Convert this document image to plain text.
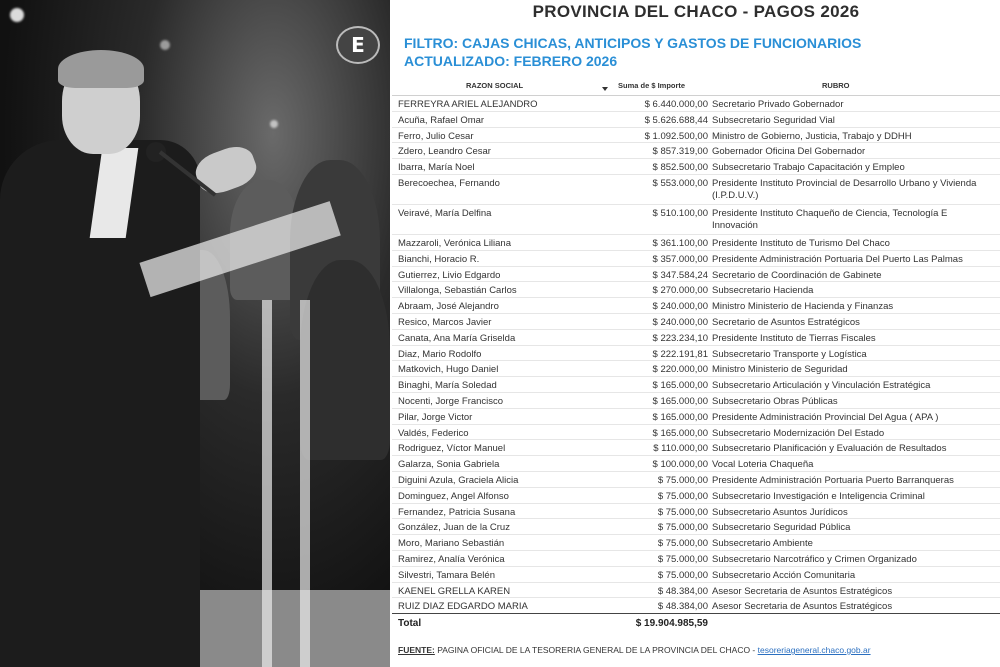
E
PROVINCIA DEL CHACO - PAGOS 2026
FILTRO: CAJAS CHICAS, ANTICIPOS Y GASTOS DE FUNCIONARIOS
ACTUALIZADO: FEBRERO 2026
RAZON SOCIAL	Suma de $ Importe	RUBRO
FERREYRA ARIEL ALEJANDRO	$ 6.440.000,00 Secretario Privado Gobernador
Acuña, Rafael Omar	$ 5.626.688,44 Subsecretario Seguridad Vial
Ferro, Julio Cesar	$ 1.092.500,00 Ministro de Gobierno, Justicia, Trabajo y DDHH
Zdero, Leandro Cesar	$ 857.319,00 Gobernador Oficina Del Gobernador
Ibarra, María Noel	$ 852.500,00 Subsecretario Trabajo Capacitación y Empleo
Berecoechea, Fernando	$ 553.000,00 Presidente Instituto Provincial de Desarrollo Urbano y Vivienda (I.P.D.U.V.)
Veiravé, María Delfina	$ 510.100,00 Presidente Instituto Chaqueño de Ciencia, Tecnología E Innovación
Mazzaroli, Verónica Liliana	$ 361.100,00 Presidente Instituto de Turismo Del Chaco
Bianchi, Horacio R.	$ 357.000,00 Presidente Administración Portuaria Del Puerto Las Palmas
Gutierrez, Livio Edgardo	$ 347.584,24 Secretario de Coordinación de Gabinete
Villalonga, Sebastián Carlos	$ 270.000,00 Subsecretario Hacienda
Abraam, José Alejandro	$ 240.000,00 Ministro Ministerio de Hacienda y Finanzas
Resico, Marcos Javier	$ 240.000,00 Secretario de Asuntos Estratégicos
Canata, Ana María Griselda	$ 223.234,10 Presidente Instituto de Tierras Fiscales
Diaz, Mario Rodolfo	$ 222.191,81 Subsecretario Transporte y Logística
Matkovich, Hugo Daniel	$ 220.000,00 Ministro Ministerio de Seguridad
Binaghi, María Soledad	$ 165.000,00 Subsecretario Articulación y Vinculación Estratégica
Nocenti, Jorge Francisco	$ 165.000,00 Subsecretario Obras Públicas
Pilar, Jorge Victor	$ 165.000,00 Presidente Administración Provincial Del Agua ( APA )
Valdés, Federico	$ 165.000,00 Subsecretario Modernización Del Estado
Rodriguez, Víctor Manuel	$ 110.000,00 Subsecretario Planificación y Evaluación de Resultados
Galarza, Sonia Gabriela	$ 100.000,00 Vocal Loteria Chaqueña
Diguini Azula, Graciela Alicia	$ 75.000,00 Presidente Administración Portuaria Puerto Barranqueras
Dominguez, Angel Alfonso	$ 75.000,00 Subsecretario Investigación e Inteligencia Criminal
Fernandez, Patricia Susana	$ 75.000,00 Subsecretario Asuntos Jurídicos
González, Juan de la Cruz	$ 75.000,00 Subsecretario Seguridad Pública
Moro, Mariano Sebastián	$ 75.000,00 Subsecretario Ambiente
Ramirez, Analía Verónica	$ 75.000,00 Subsecretario Narcotráfico y Crimen Organizado
Silvestri, Tamara Belén	$ 75.000,00 Subsecretario Acción Comunitaria
KAENEL GRELLA KAREN	$ 48.384,00 Asesor Secretaria de Asuntos Estratégicos
RUIZ DIAZ EDGARDO MARIA	$ 48.384,00 Asesor Secretaria de Asuntos Estratégicos
Total	$ 19.904.985,59
FUENTE: PAGINA OFICIAL DE LA TESORERIA GENERAL DE LA PROVINCIA DEL CHACO - tesoreriageneral.chaco.gob.ar
